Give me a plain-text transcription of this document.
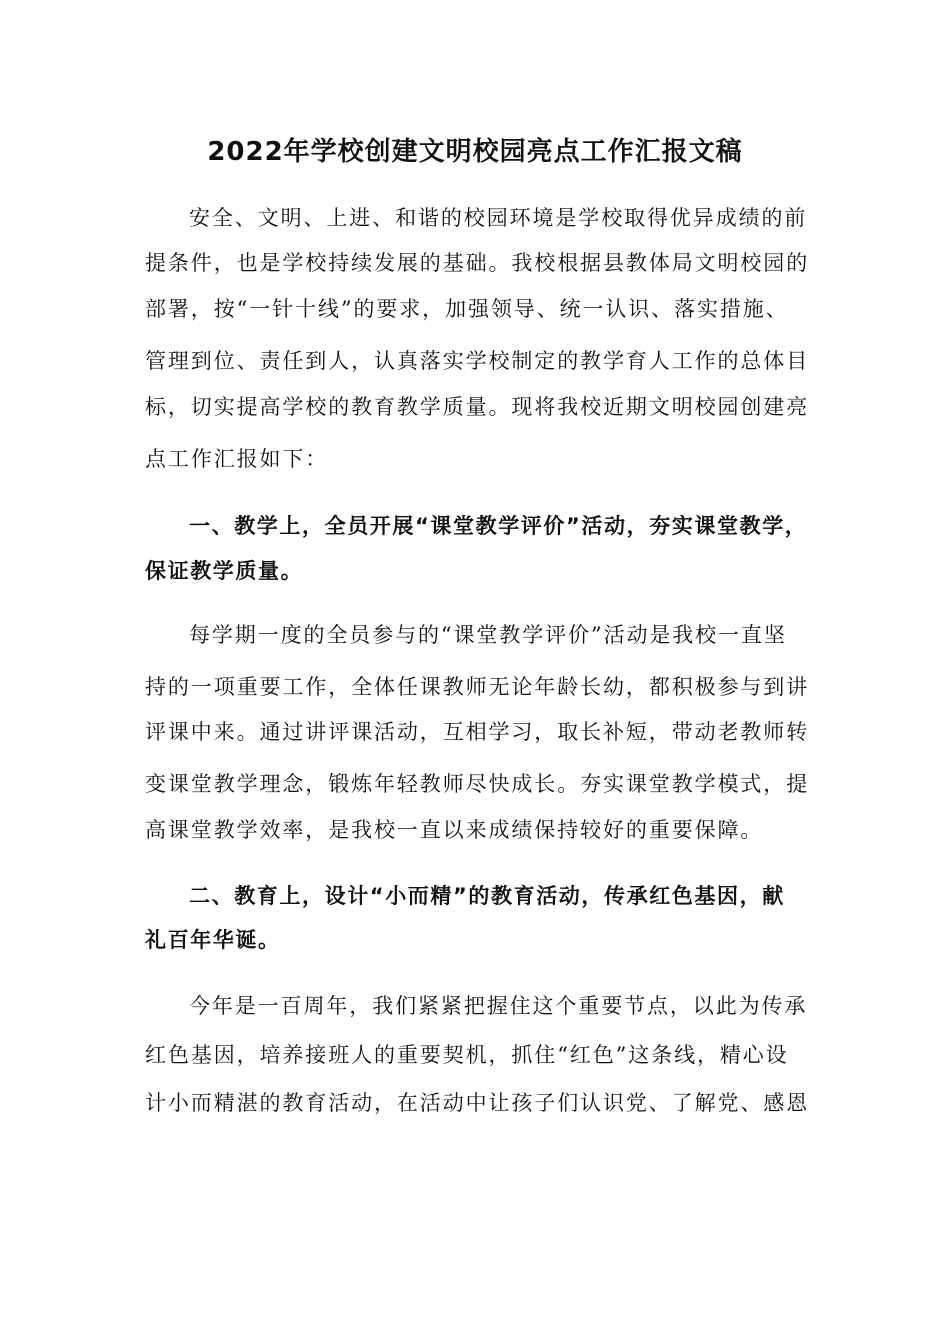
2022年学校创建文明校园亮点工作汇报文稿

安全、文明、上进、和谐的校园环境是学校取得优异成绩的前

提条件，也是学校持续发展的基础。我校根据县教体局文明校园的

部署，按“一针十线”的要求，加强领导、统一认识、落实措施、

管理到位、责任到人，认真落实学校制定的教学育人工作的总体目

标，切实提高学校的教育教学质量。现将我校近期文明校园创建亮

点工作汇报如下：

一、教学上，全员开展“课堂教学评价”活动，夯实课堂教学，

保证教学质量。

每学期一度的全员参与的“课堂教学评价”活动是我校一直坚

持的一项重要工作，全体任课教师无论年龄长幼，都积极参与到讲

评课中来。通过讲评课活动，互相学习，取长补短，带动老教师转

变课堂教学理念，锻炼年轻教师尽快成长。夯实课堂教学模式，提

高课堂教学效率，是我校一直以来成绩保持较好的重要保障。

二、教育上，设计“小而精”的教育活动，传承红色基因，献

礼百年华诞。

今年是一百周年，我们紧紧把握住这个重要节点，以此为传承

红色基因，培养接班人的重要契机，抓住“红色”这条线，精心设

计小而精湛的教育活动，在活动中让孩子们认识党、了解党、感恩
